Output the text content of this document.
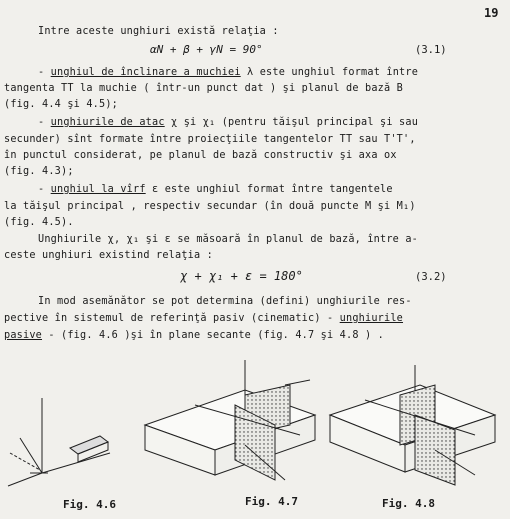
19
Intre aceste unghiuri există relaţia :
αN + β + γN = 90°	(3.1)
- unghiul de înclinare a muchiei λ este unghiul format între
tangenta TT la muchie ( într-un punct dat ) şi planul de bază B
(fig. 4.4 şi 4.5);
- unghiurile de atac χ şi χ₁ (pentru tăişul principal şi sau
secunder) sînt formate între proiecţiile tangentelor TT sau T'T',
în punctul considerat, pe planul de bază constructiv şi axa ox
(fig. 4.3);
- unghiul la vîrf ε este unghiul format între tangentele
la tăişul principal , respectiv secundar (în două puncte M şi M₁)
(fig. 4.5).
Unghiurile χ, χ₁ şi ε se măsoară în planul de bază, între a-
ceste unghiuri existind relaţia :
χ + χ₁ + ε = 180°	(3.2)
In mod asemănător se pot determina (defini) unghiurile res-
pective în sistemul de referinţă pasiv (cinematic) - unghiurile
pasive - (fig. 4.6 )şi în plane secante (fig. 4.7 şi 4.8 ) .
Fig. 4.6	Fig. 4.7	Fig. 4.8
